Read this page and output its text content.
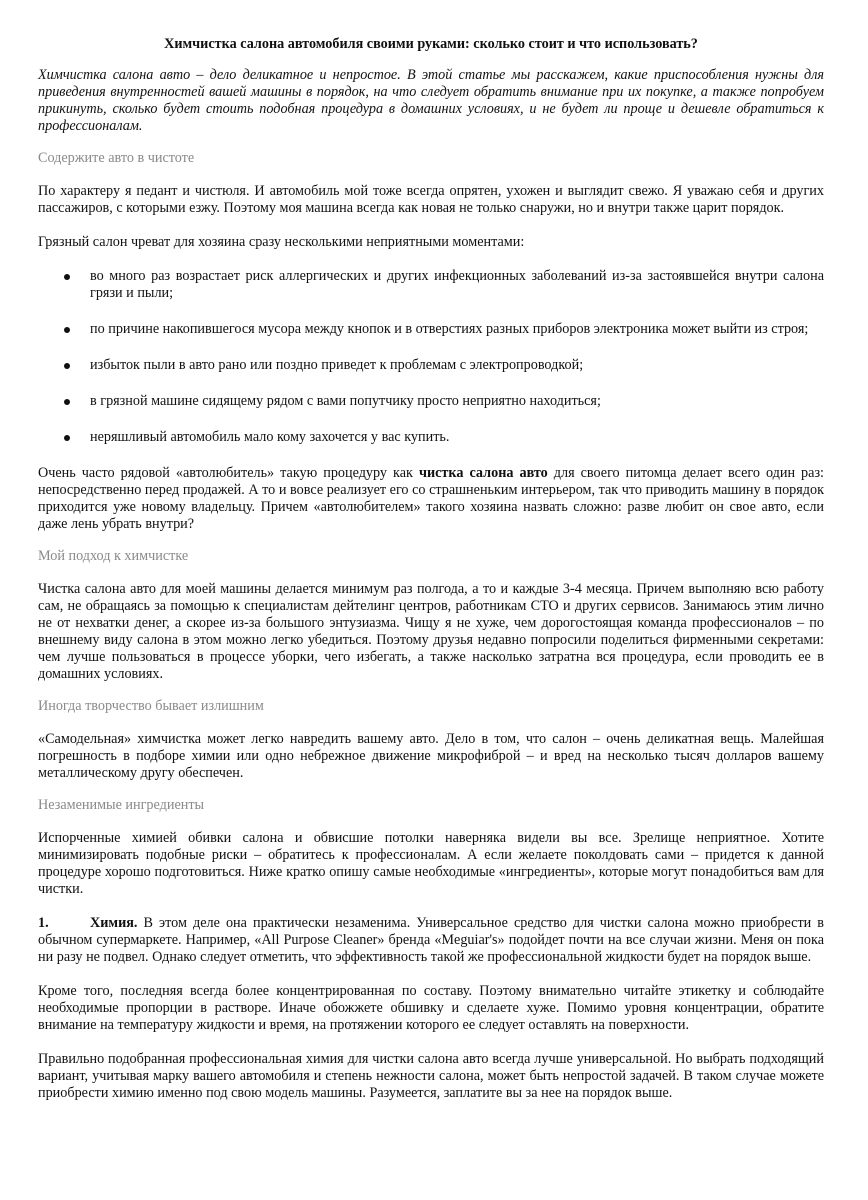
Химчистка салона автомобиля своими руками: сколько стоит и что использовать?

Химчистка салона авто – дело деликатное и непростое. В этой статье мы расскажем, какие приспособления нужны для приведения внутренностей вашей машины в порядок, на что следует обратить внимание при их покупке, а также попробуем прикинуть, сколько будет стоить подобная процедура в домашних условиях, и не будет ли проще и дешевле обратиться к профессионалам.

Содержите авто в чистоте

По характеру я педант и чистюля. И автомобиль мой тоже всегда опрятен, ухожен и выглядит свежо. Я уважаю себя и других пассажиров, с которыми езжу. Поэтому моя машина всегда как новая не только снаружи, но и внутри также царит порядок.

Грязный салон чреват для хозяина сразу несколькими неприятными моментами:

во много раз возрастает риск аллергических и других инфекционных заболеваний из-за застоявшейся внутри салона грязи и пыли;
по причине накопившегося мусора между кнопок и в отверстиях разных приборов электроника может выйти из строя;
избыток пыли в авто рано или поздно приведет к проблемам с электропроводкой;
в грязной машине сидящему рядом с вами попутчику просто неприятно находиться;
неряшливый автомобиль мало кому захочется у вас купить.

Очень часто рядовой «автолюбитель» такую процедуру как чистка салона авто для своего питомца делает всего один раз: непосредственно перед продажей. А то и вовсе реализует его со страшненьким интерьером, так что приводить машину в порядок приходится уже новому владельцу. Причем «автолюбителем» такого хозяина назвать сложно: разве любит он свое авто, если даже лень убрать внутри?

Мой подход к химчистке

Чистка салона авто для моей машины делается минимум раз полгода, а то и каждые 3-4 месяца. Причем выполняю всю работу сам, не обращаясь за помощью к специалистам дейтелинг центров, работникам СТО и других сервисов. Занимаюсь этим лично не от нехватки денег, а скорее из-за большого энтузиазма. Чищу я не хуже, чем дорогостоящая команда профессионалов – по внешнему виду салона в этом можно легко убедиться. Поэтому друзья недавно попросили поделиться фирменными секретами: чем лучше пользоваться в процессе уборки, чего избегать, а также насколько затратна вся процедура, если проводить ее в домашних условиях.

Иногда творчество бывает излишним

«Самодельная» химчистка может легко навредить вашему авто. Дело в том, что салон – очень деликатная вещь. Малейшая погрешность в подборе химии или одно небрежное движение микрофиброй – и вред на несколько тысяч долларов вашему металлическому другу обеспечен.

Незаменимые ингредиенты

Испорченные химией обивки салона и обвисшие потолки наверняка видели вы все. Зрелище неприятное. Хотите минимизировать подобные риски – обратитесь к профессионалам. А если желаете поколдовать сами – придется к данной процедуре хорошо подготовиться. Ниже кратко опишу самые необходимые «ингредиенты», которые могут понадобиться вам для чистки.

1.	Химия. В этом деле она практически незаменима. Универсальное средство для чистки салона можно приобрести в обычном супермаркете. Например, «All Purpose Cleaner» бренда «Meguiar's» подойдет почти на все случаи жизни. Меня он пока ни разу не подвел. Однако следует отметить, что эффективность такой же профессиональной жидкости будет на порядок выше.

Кроме того, последняя всегда более концентрированная по составу. Поэтому внимательно читайте этикетку и соблюдайте необходимые пропорции в растворе. Иначе обожжете обшивку и сделаете хуже. Помимо уровня концентрации, обратите внимание на температуру жидкости и время, на протяжении которого ее следует оставлять на поверхности.

Правильно подобранная профессиональная химия для чистки салона авто всегда лучше универсальной. Но выбрать подходящий вариант, учитывая марку вашего автомобиля и степень нежности салона, может быть непростой задачей. В таком случае можете приобрести химию именно под свою модель машины. Разумеется, заплатите вы за нее на порядок выше.
